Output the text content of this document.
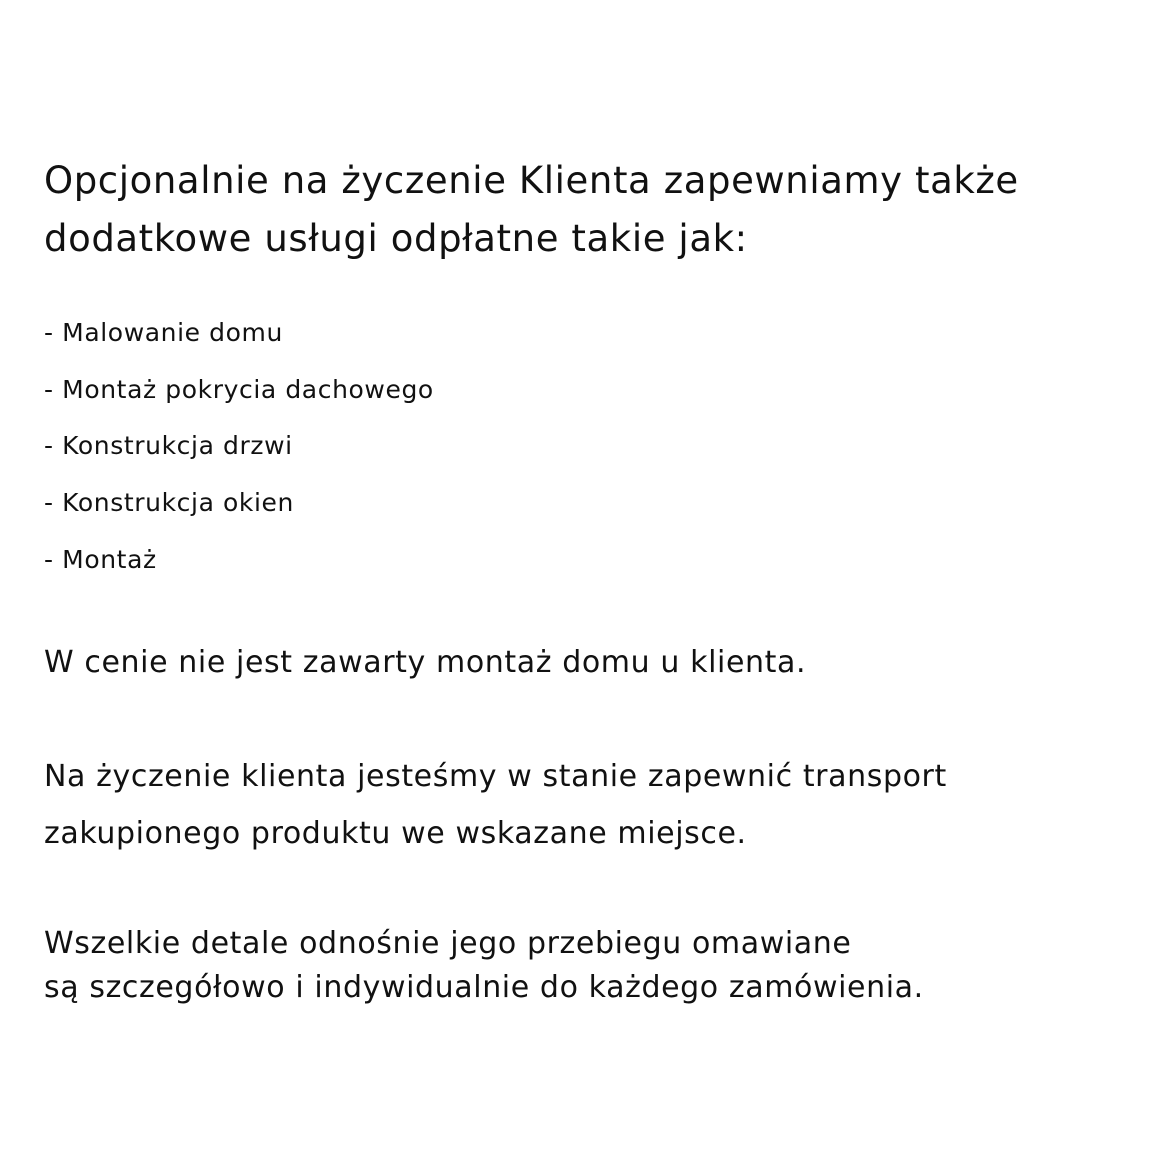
Opcjonalnie na życzenie Klienta zapewniamy także
dodatkowe usługi odpłatne takie jak:
- Malowanie domu
- Montaż pokrycia dachowego
- Konstrukcja drzwi
- Konstrukcja okien
- Montaż

W cenie nie jest zawarty montaż domu u klienta.

Na życzenie klienta jesteśmy w stanie zapewnić transport
zakupionego produktu we wskazane miejsce.

Wszelkie detale odnośnie jego przebiegu omawiane
są szczegółowo i indywidualnie do każdego zamówienia.
